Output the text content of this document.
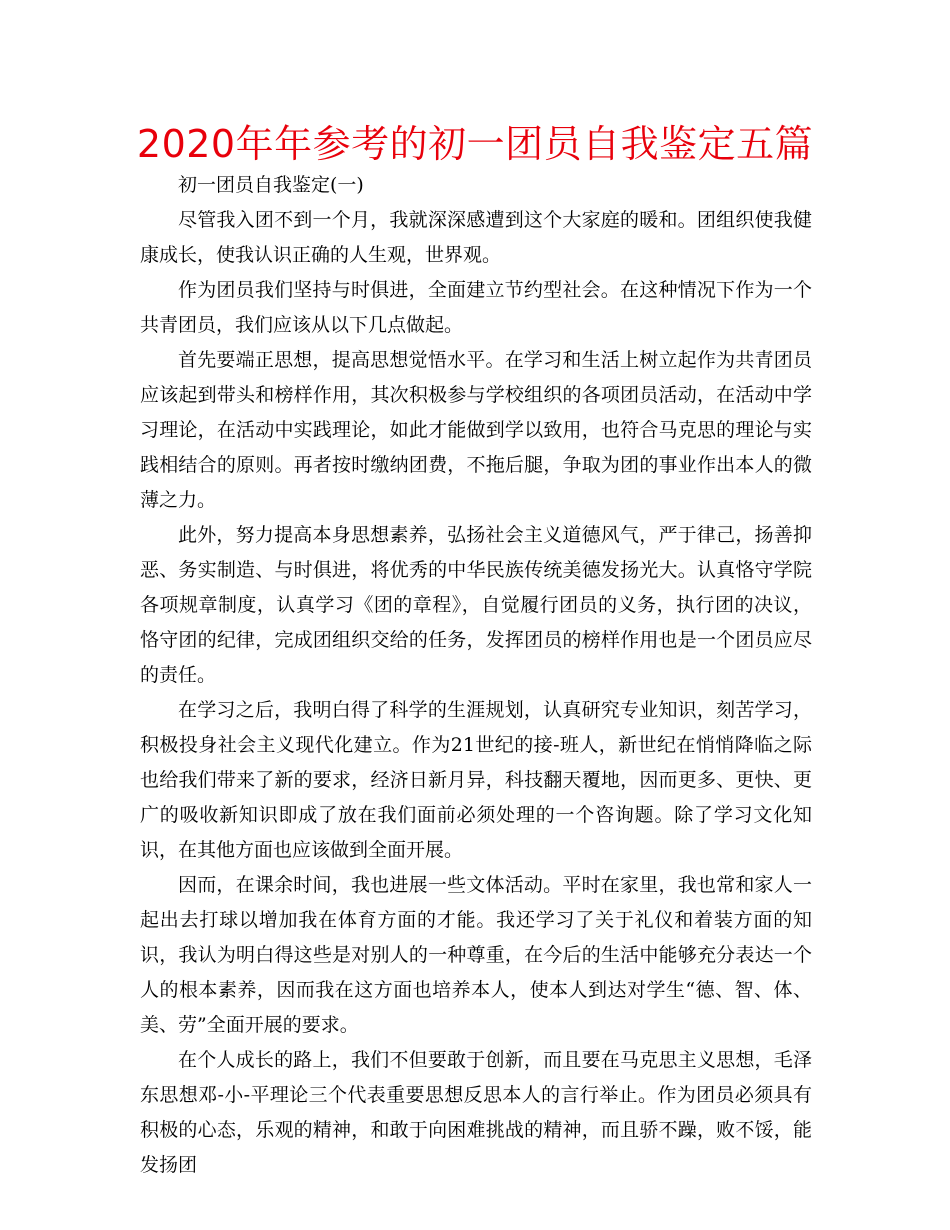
2020年年参考的初一团员自我鉴定五篇

初一团员自我鉴定(一)

尽管我入团不到一个月，我就深深感遭到这个大家庭的暖和。团组织使我健康成长，使我认识正确的人生观，世界观。

作为团员我们坚持与时俱进，全面建立节约型社会。在这种情况下作为一个共青团员，我们应该从以下几点做起。

首先要端正思想，提高思想觉悟水平。在学习和生活上树立起作为共青团员应该起到带头和榜样作用，其次积极参与学校组织的各项团员活动，在活动中学习理论，在活动中实践理论，如此才能做到学以致用，也符合马克思的理论与实践相结合的原则。再者按时缴纳团费，不拖后腿，争取为团的事业作出本人的微薄之力。

此外，努力提高本身思想素养，弘扬社会主义道德风气，严于律己，扬善抑恶、务实制造、与时俱进，将优秀的中华民族传统美德发扬光大。认真恪守学院各项规章制度，认真学习《团的章程》，自觉履行团员的义务，执行团的决议，恪守团的纪律，完成团组织交给的任务，发挥团员的榜样作用也是一个团员应尽的责任。

在学习之后，我明白得了科学的生涯规划，认真研究专业知识，刻苦学习，积极投身社会主义现代化建立。作为21世纪的接-班人，新世纪在悄悄降临之际也给我们带来了新的要求，经济日新月异，科技翻天覆地，因而更多、更快、更广的吸收新知识即成了放在我们面前必须处理的一个咨询题。除了学习文化知识，在其他方面也应该做到全面开展。

因而，在课余时间，我也进展一些文体活动。平时在家里，我也常和家人一起出去打球以增加我在体育方面的才能。我还学习了关于礼仪和着装方面的知识，我认为明白得这些是对别人的一种尊重，在今后的生活中能够充分表达一个人的根本素养，因而我在这方面也培养本人，使本人到达对学生“德、智、体、美、劳”全面开展的要求。

在个人成长的路上，我们不但要敢于创新，而且要在马克思主义思想，毛泽东思想邓-小-平理论三个代表重要思想反思本人的言行举止。作为团员必须具有积极的心态，乐观的精神，和敢于向困难挑战的精神，而且骄不躁，败不馁，能发扬团
